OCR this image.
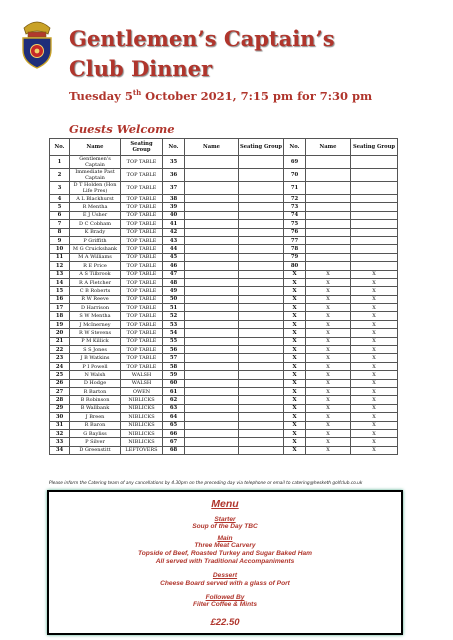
Gentlemen’s Captain’s
Club Dinner
Tuesday 5th October 2021, 7:15 pm for 7:30 pm
Guests Welcome
No.	Name	Seating Group	No.	Name	Seating Group	No.	Name	Seating Group
1	Gentlemen's Captain	TOP TABLE	35			69		
2	Immediate Past Captain	TOP TABLE	36			70		
3	D T Holden (Hon Life Pres)	TOP TABLE	37			71		
4	A L Blackhurst	TOP TABLE	38			72		
5	R Mentha	TOP TABLE	39			73		
6	E J Usher	TOP TABLE	40			74		
7	D C Cobham	TOP TABLE	41			75		
8	K Brady	TOP TABLE	42			76		
9	P Griffith	TOP TABLE	43			77		
10	M G Cruickshank	TOP TABLE	44			78		
11	M A Williams	TOP TABLE	45			79		
12	R E Price	TOP TABLE	46			80		
13	A S Tilbrook	TOP TABLE	47			X	X	X
14	R A Fletcher	TOP TABLE	48			X	X	X
15	C B Roberts	TOP TABLE	49			X	X	X
16	R W Reeve	TOP TABLE	50			X	X	X
17	D Harrison	TOP TABLE	51			X	X	X
18	S W Mentha	TOP TABLE	52			X	X	X
19	J McInerney	TOP TABLE	53			X	X	X
20	R W Stevens	TOP TABLE	54			X	X	X
21	P M Killick	TOP TABLE	55			X	X	X
22	S S Jones	TOP TABLE	56			X	X	X
23	J B Watkins	TOP TABLE	57			X	X	X
24	P I Powell	TOP TABLE	58			X	X	X
25	N Walsh	WALSH	59			X	X	X
26	D Hodge	WALSH	60			X	X	X
27	R Barton	OWEN	61			X	X	X
28	B Robinson	NIBLICKS	62			X	X	X
29	B Wallbank	NIBLICKS	63			X	X	X
30	J Breen	NIBLICKS	64			X	X	X
31	R Baron	NIBLICKS	65			X	X	X
32	G Bayliss	NIBLICKS	66			X	X	X
33	P Silver	NIBLICKS	67			X	X	X
34	D Greenstitt	LEFTOVERS	68			X	X	X
Please inform the Catering team of any cancellations by 4.30pm on the preceding day via telephone or email to catering@hesketh golfclub.co.uk
Menu
Starter
Soup of the Day TBC
Main
Three Meat Carvery
Topside of Beef, Roasted Turkey and Sugar Baked Ham
All served with Traditional Accompaniments
Dessert
Cheese Board served with a glass of Port
Followed By
Filter Coffee & Mints
£22.50
